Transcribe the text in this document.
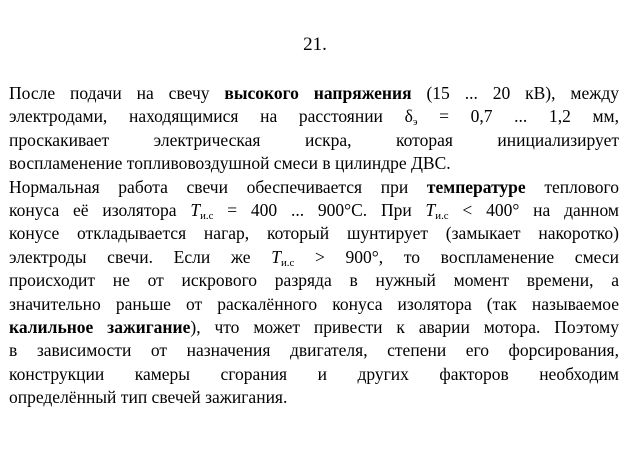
21.
После подачи на свечу высокого напряжения (15 ... 20 кВ), между
электродами, находящимися на расстоянии $\delta_э = 0,7$ ... 1,2 мм,
проскакивает электрическая искра, которая инициализирует
воспламенение топливовоздушной смеси в цилиндре ДВС.
Нормальная работа свечи обеспечивается при температуре теплового
конуса её изолятора $T_{и.с} = 400$ ... 900°С. При $T_{и.с} < 400^\circ$ на данном
конусе откладывается нагар, который шунтирует (замыкает накоротко)
электроды свечи. Если же $T_{и.с} > 900^\circ$, то воспламенение смеси
происходит не от искрового разряда в нужный момент времени, а
значительно раньше от раскалённого конуса изолятора (так называемое
калильное зажигание), что может привести к аварии мотора. Поэтому
в зависимости от назначения двигателя, степени его форсирования,
конструкции камеры сгорания и других факторов необходим
определённый тип свечей зажигания.
